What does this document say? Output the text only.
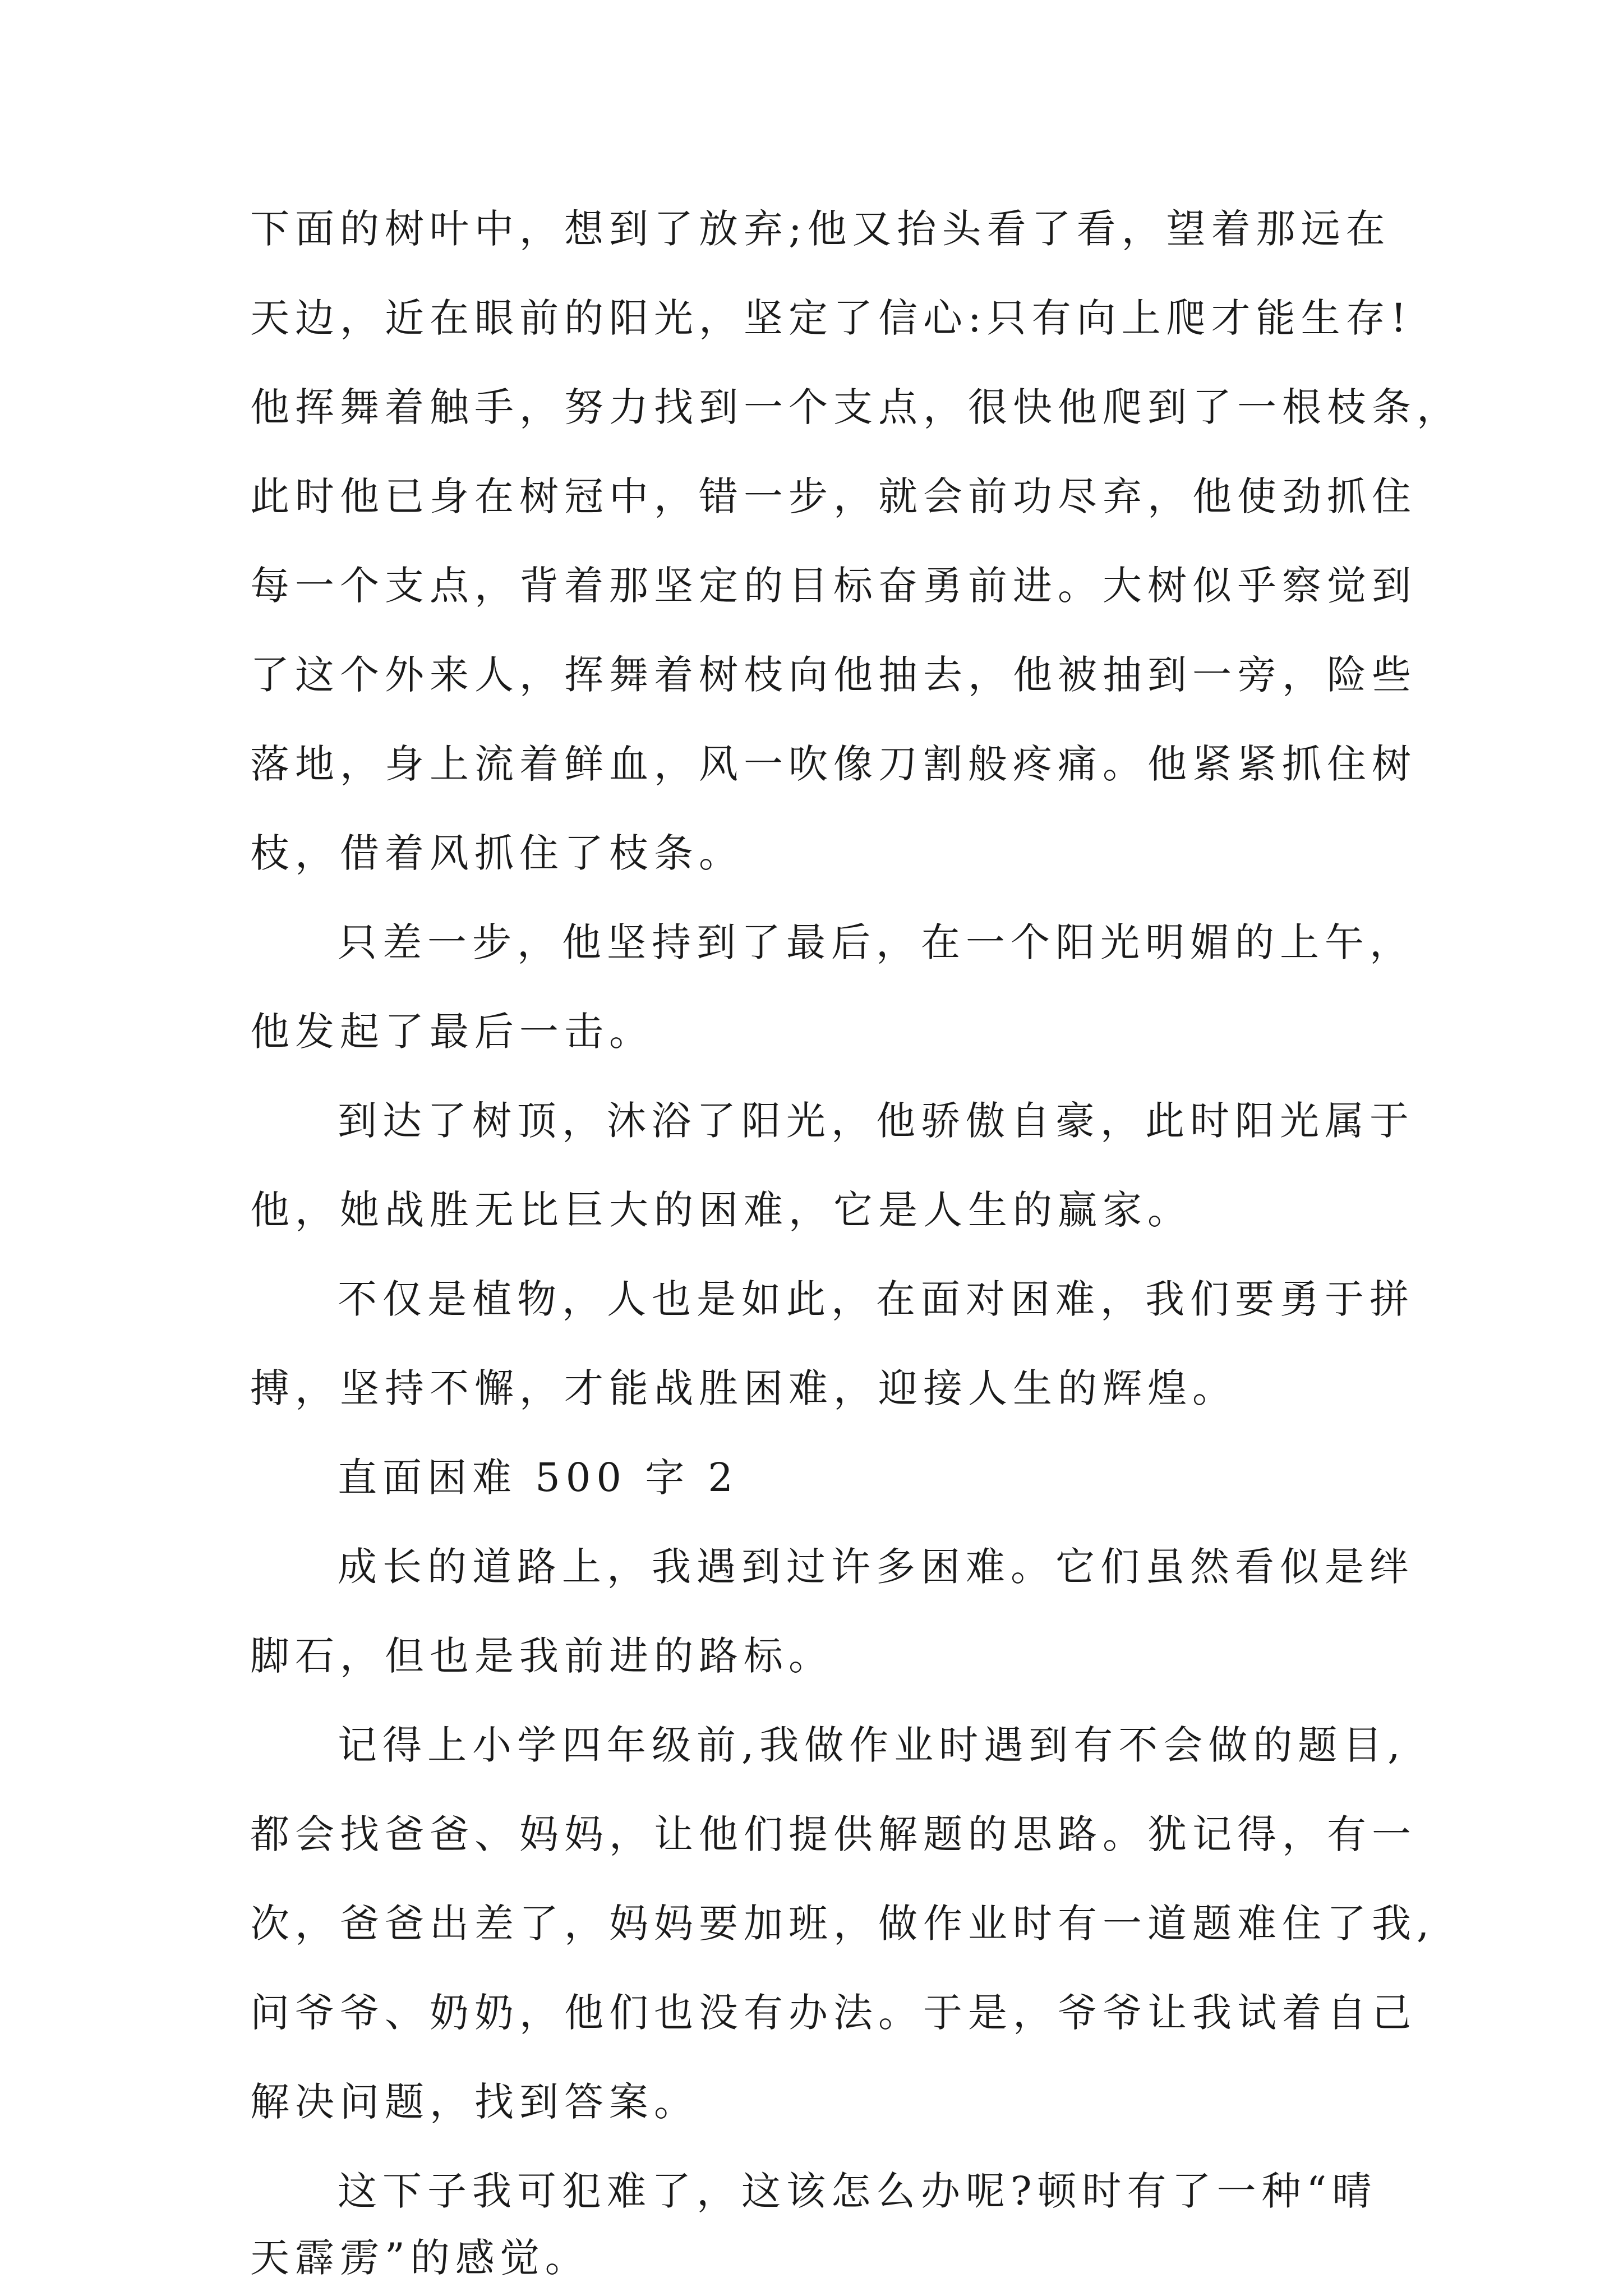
下面的树叶中，想到了放弃;他又抬头看了看，望着那远在
天边，近在眼前的阳光，坚定了信心:只有向上爬才能生存!
他挥舞着触手，努力找到一个支点，很快他爬到了一根枝条，
此时他已身在树冠中，错一步，就会前功尽弃，他使劲抓住
每一个支点，背着那坚定的目标奋勇前进。大树似乎察觉到
了这个外来人，挥舞着树枝向他抽去，他被抽到一旁，险些
落地，身上流着鲜血，风一吹像刀割般疼痛。他紧紧抓住树
枝，借着风抓住了枝条。
只差一步，他坚持到了最后，在一个阳光明媚的上午，
他发起了最后一击。
到达了树顶，沐浴了阳光，他骄傲自豪，此时阳光属于
他，她战胜无比巨大的困难，它是人生的赢家。
不仅是植物，人也是如此，在面对困难，我们要勇于拼
搏，坚持不懈，才能战胜困难，迎接人生的辉煌。
直面困难 500 字 2
成长的道路上，我遇到过许多困难。它们虽然看似是绊
脚石，但也是我前进的路标。
记得上小学四年级前,我做作业时遇到有不会做的题目,
都会找爸爸、妈妈，让他们提供解题的思路。犹记得，有一
次，爸爸出差了，妈妈要加班，做作业时有一道题难住了我,
问爷爷、奶奶，他们也没有办法。于是，爷爷让我试着自己
解决问题，找到答案。
这下子我可犯难了，这该怎么办呢?顿时有了一种“晴
天霹雳”的感觉。
